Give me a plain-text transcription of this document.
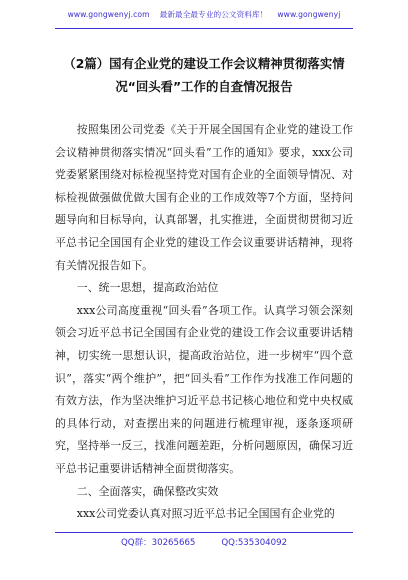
www.gongwenyj.com 最新最全最专业的公文资料库！ www.gongwenyj
（2篇）国有企业党的建设工作会议精神贯彻落实情
况“回头看”工作的自查情况报告

按照集团公司党委《关于开展全国国有企业党的建设工作会议精神贯彻落实情况“回头看”工作的通知》要求，xxx公司党委紧紧围绕对标检视坚持党对国有企业的全面领导情况、对标检视做强做优做大国有企业的工作成效等7个方面，坚持问题导向和目标导向，认真部署，扎实推进，全面贯彻贯彻习近平总书记全国国有企业党的建设工作会议重要讲话精神，现将有关情况报告如下。

一、统一思想，提高政治站位

xxx公司高度重视“回头看”各项工作。认真学习领会深刻领会习近平总书记全国国有企业党的建设工作会议重要讲话精神，切实统一思想认识，提高政治站位，进一步树牢“四个意识”，落实“两个维护”，把“回头看”工作作为找准工作问题的有效方法，作为坚决维护习近平总书记核心地位和党中央权威的具体行动，对查摆出来的问题进行梳理审视，逐条逐项研究，坚持举一反三，找准问题差距，分析问题原因，确保习近平总书记重要讲话精神全面贯彻落实。

二、全面落实，确保整改实效

xxx公司党委认真对照习近平总书记全国国有企业党的

QQ群：30265665	QQ:535304092
